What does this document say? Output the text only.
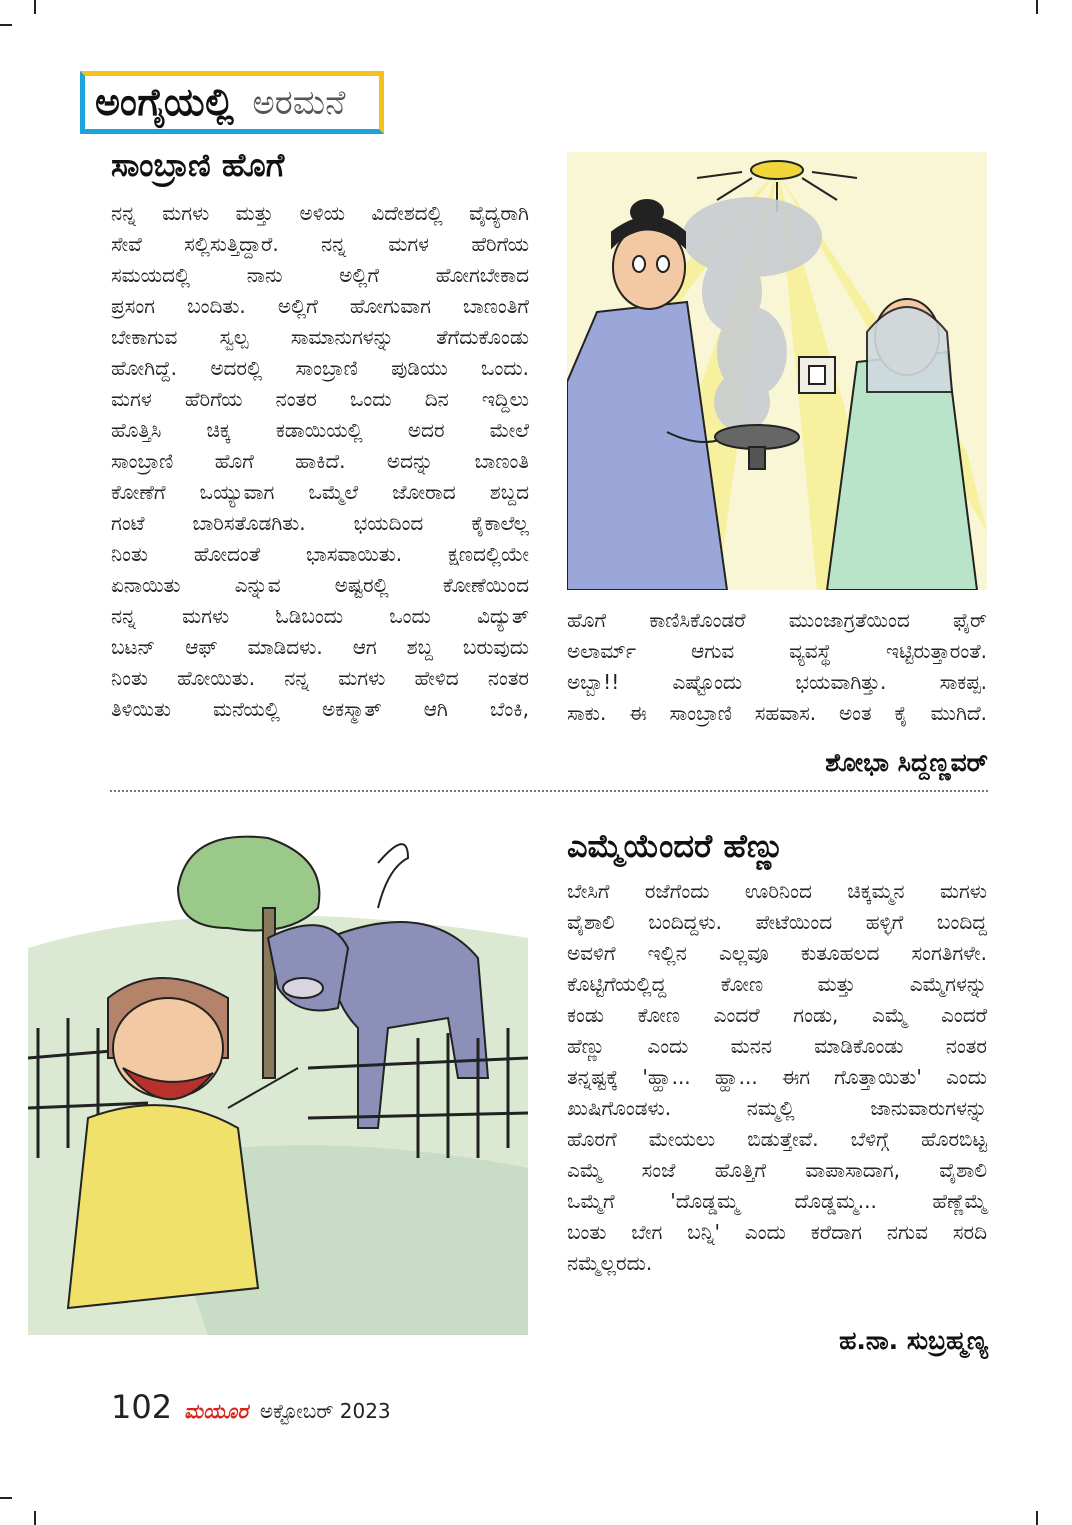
ಅಂಗೈಯಲ್ಲಿ ಅರಮನೆ
ಸಾಂಬ್ರಾಣಿ ಹೊಗೆ
ನನ್ನ ಮಗಳು ಮತ್ತು ಅಳಿಯ ವಿದೇಶದಲ್ಲಿ ವೈದ್ಯರಾಗಿ
ಸೇವೆ ಸಲ್ಲಿಸುತ್ತಿದ್ದಾರೆ. ನನ್ನ ಮಗಳ ಹೆರಿಗೆಯ
ಸಮಯದಲ್ಲಿ ನಾನು ಅಲ್ಲಿಗೆ ಹೋಗಬೇಕಾದ
ಪ್ರಸಂಗ ಬಂದಿತು. ಅಲ್ಲಿಗೆ ಹೋಗುವಾಗ ಬಾಣಂತಿಗೆ
ಬೇಕಾಗುವ ಸ್ವಲ್ಪ ಸಾಮಾನುಗಳನ್ನು ತೆಗೆದುಕೊಂಡು
ಹೋಗಿದ್ದೆ. ಅದರಲ್ಲಿ ಸಾಂಬ್ರಾಣಿ ಪುಡಿಯು ಒಂದು.
ಮಗಳ ಹೆರಿಗೆಯ ನಂತರ ಒಂದು ದಿನ ಇದ್ದಿಲು
ಹೊತ್ತಿಸಿ ಚಿಕ್ಕ ಕಡಾಯಿಯಲ್ಲಿ ಅದರ ಮೇಲೆ
ಸಾಂಬ್ರಾಣಿ ಹೊಗೆ ಹಾಕಿದೆ. ಅದನ್ನು ಬಾಣಂತಿ
ಕೋಣೆಗೆ ಒಯ್ಯುವಾಗ ಒಮ್ಮೆಲೆ ಜೋರಾದ ಶಬ್ದದ
ಗಂಟೆ ಬಾರಿಸತೊಡಗಿತು. ಭಯದಿಂದ ಕೈಕಾಲೆಲ್ಲ
ನಿಂತು ಹೋದಂತೆ ಭಾಸವಾಯಿತು. ಕ್ಷಣದಲ್ಲಿಯೇ
ಏನಾಯಿತು ಎನ್ನುವ ಅಷ್ಟರಲ್ಲಿ ಕೋಣೆಯಿಂದ
ನನ್ನ ಮಗಳು ಓಡಿಬಂದು ಒಂದು ವಿದ್ಯುತ್
ಬಟನ್ ಆಫ್ ಮಾಡಿದಳು. ಆಗ ಶಬ್ದ ಬರುವುದು
ನಿಂತು ಹೋಯಿತು. ನನ್ನ ಮಗಳು ಹೇಳಿದ ನಂತರ
ತಿಳಿಯಿತು ಮನೆಯಲ್ಲಿ ಅಕಸ್ಮಾತ್ ಆಗಿ ಬೆಂಕಿ,
ಹೊಗೆ ಕಾಣಿಸಿಕೊಂಡರೆ ಮುಂಜಾಗ್ರತೆಯಿಂದ ಫೈರ್
ಅಲಾರ್ಮ್ ಆಗುವ ವ್ಯವಸ್ಥೆ ಇಟ್ಟಿರುತ್ತಾರಂತೆ.
ಅಬ್ಬಾ!! ಎಷ್ಟೊಂದು ಭಯವಾಗಿತ್ತು. ಸಾಕಪ್ಪ.
ಸಾಕು. ಈ ಸಾಂಬ್ರಾಣಿ ಸಹವಾಸ. ಅಂತ ಕೈ ಮುಗಿದೆ.
ಶೋಭಾ ಸಿದ್ದಣ್ಣವರ್
ಎಮ್ಮೆಯೆಂದರೆ ಹೆಣ್ಣು
ಬೇಸಿಗೆ ರಜೆಗೆಂದು ಊರಿನಿಂದ ಚಿಕ್ಕಮ್ಮನ ಮಗಳು
ವೈಶಾಲಿ ಬಂದಿದ್ದಳು. ಪೇಟೆಯಿಂದ ಹಳ್ಳಿಗೆ ಬಂದಿದ್ದ
ಅವಳಿಗೆ ಇಲ್ಲಿನ ಎಲ್ಲವೂ ಕುತೂಹಲದ ಸಂಗತಿಗಳೇ.
ಕೊಟ್ಟಿಗೆಯಲ್ಲಿದ್ದ ಕೋಣ ಮತ್ತು ಎಮ್ಮೆಗಳನ್ನು
ಕಂಡು ಕೋಣ ಎಂದರೆ ಗಂಡು, ಎಮ್ಮೆ ಎಂದರೆ
ಹೆಣ್ಣು ಎಂದು ಮನನ ಮಾಡಿಕೊಂಡು ನಂತರ
ತನ್ನಷ್ಟಕ್ಕೆ 'ಹ್ಹಾ... ಹ್ಹಾ... ಈಗ ಗೊತ್ತಾಯಿತು' ಎಂದು
ಖುಷಿಗೊಂಡಳು. ನಮ್ಮಲ್ಲಿ ಜಾನುವಾರುಗಳನ್ನು
ಹೊರಗೆ ಮೇಯಲು ಬಿಡುತ್ತೇವೆ. ಬೆಳಿಗ್ಗೆ ಹೊರಬಿಟ್ಟ
ಎಮ್ಮೆ ಸಂಜೆ ಹೊತ್ತಿಗೆ ವಾಪಾಸಾದಾಗ, ವೈಶಾಲಿ
ಒಮ್ಮೆಗೆ 'ದೊಡ್ಡಮ್ಮ ದೊಡ್ಡಮ್ಮ... ಹೆಣ್ಣೆಮ್ಮೆ
ಬಂತು ಬೇಗ ಬನ್ನಿ' ಎಂದು ಕರೆದಾಗ ನಗುವ ಸರದಿ
ನಮ್ಮೆಲ್ಲರದು.
ಹ.ನಾ. ಸುಬ್ರಹ್ಮಣ್ಯ
102 ಮಯೂರ ಅಕ್ಟೋಬರ್ 2023
